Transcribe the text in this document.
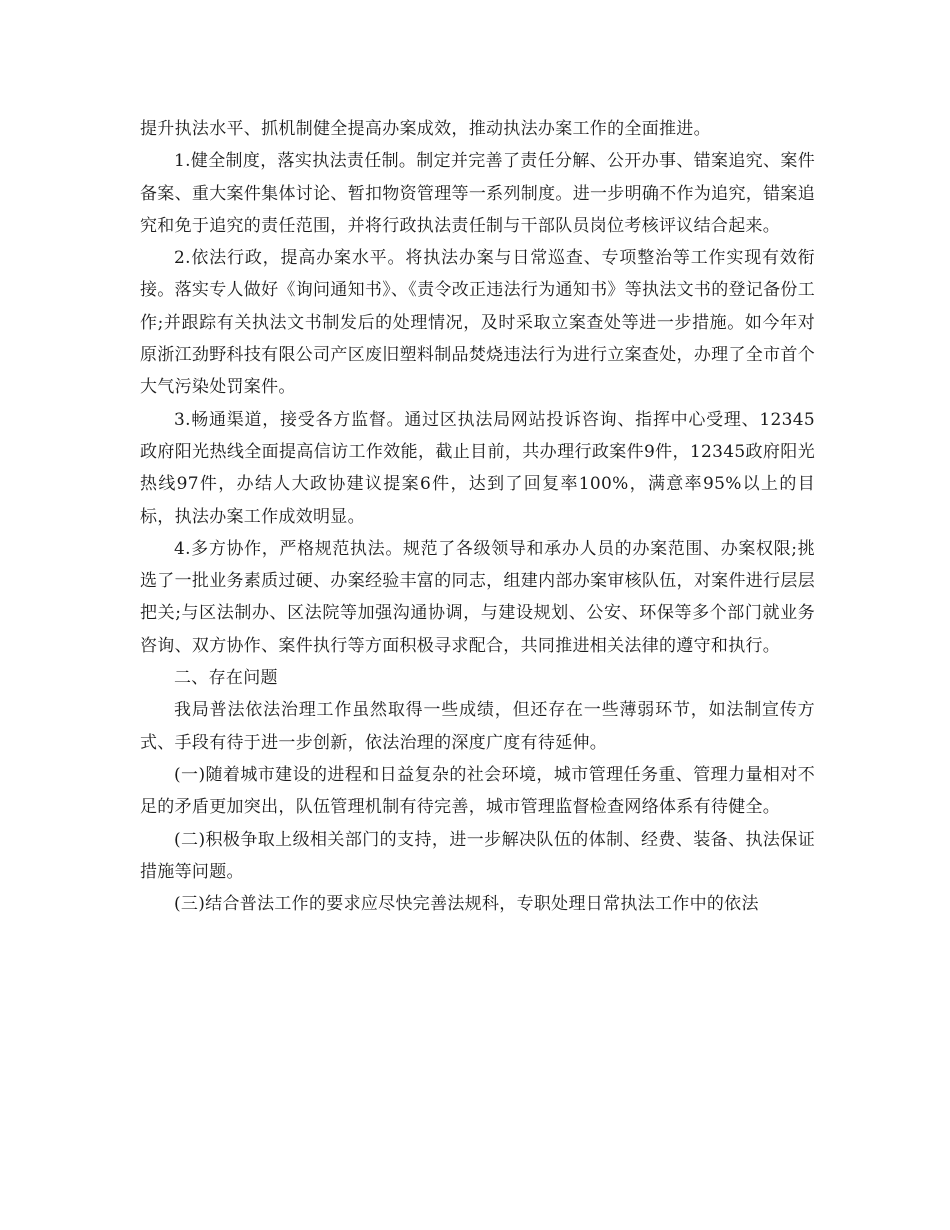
提升执法水平、抓机制健全提高办案成效，推动执法办案工作的全面推进。

1.健全制度，落实执法责任制。制定并完善了责任分解、公开办事、错案追究、案件备案、重大案件集体讨论、暂扣物资管理等一系列制度。进一步明确不作为追究，错案追究和免于追究的责任范围，并将行政执法责任制与干部队员岗位考核评议结合起来。

2.依法行政，提高办案水平。将执法办案与日常巡查、专项整治等工作实现有效衔接。落实专人做好《询问通知书》、《责令改正违法行为通知书》等执法文书的登记备份工作;并跟踪有关执法文书制发后的处理情况，及时采取立案查处等进一步措施。如今年对原浙江劲野科技有限公司产区废旧塑料制品焚烧违法行为进行立案查处，办理了全市首个大气污染处罚案件。

3.畅通渠道，接受各方监督。通过区执法局网站投诉咨询、指挥中心受理、12345政府阳光热线全面提高信访工作效能，截止目前，共办理行政案件9件，12345政府阳光热线97件，办结人大政协建议提案6件，达到了回复率100%，满意率95%以上的目标，执法办案工作成效明显。

4.多方协作，严格规范执法。规范了各级领导和承办人员的办案范围、办案权限;挑选了一批业务素质过硬、办案经验丰富的同志，组建内部办案审核队伍，对案件进行层层把关;与区法制办、区法院等加强沟通协调，与建设规划、公安、环保等多个部门就业务咨询、双方协作、案件执行等方面积极寻求配合，共同推进相关法律的遵守和执行。

二、存在问题

我局普法依法治理工作虽然取得一些成绩，但还存在一些薄弱环节，如法制宣传方式、手段有待于进一步创新，依法治理的深度广度有待延伸。

(一)随着城市建设的进程和日益复杂的社会环境，城市管理任务重、管理力量相对不足的矛盾更加突出，队伍管理机制有待完善，城市管理监督检查网络体系有待健全。

(二)积极争取上级相关部门的支持，进一步解决队伍的体制、经费、装备、执法保证措施等问题。

(三)结合普法工作的要求应尽快完善法规科，专职处理日常执法工作中的依法
